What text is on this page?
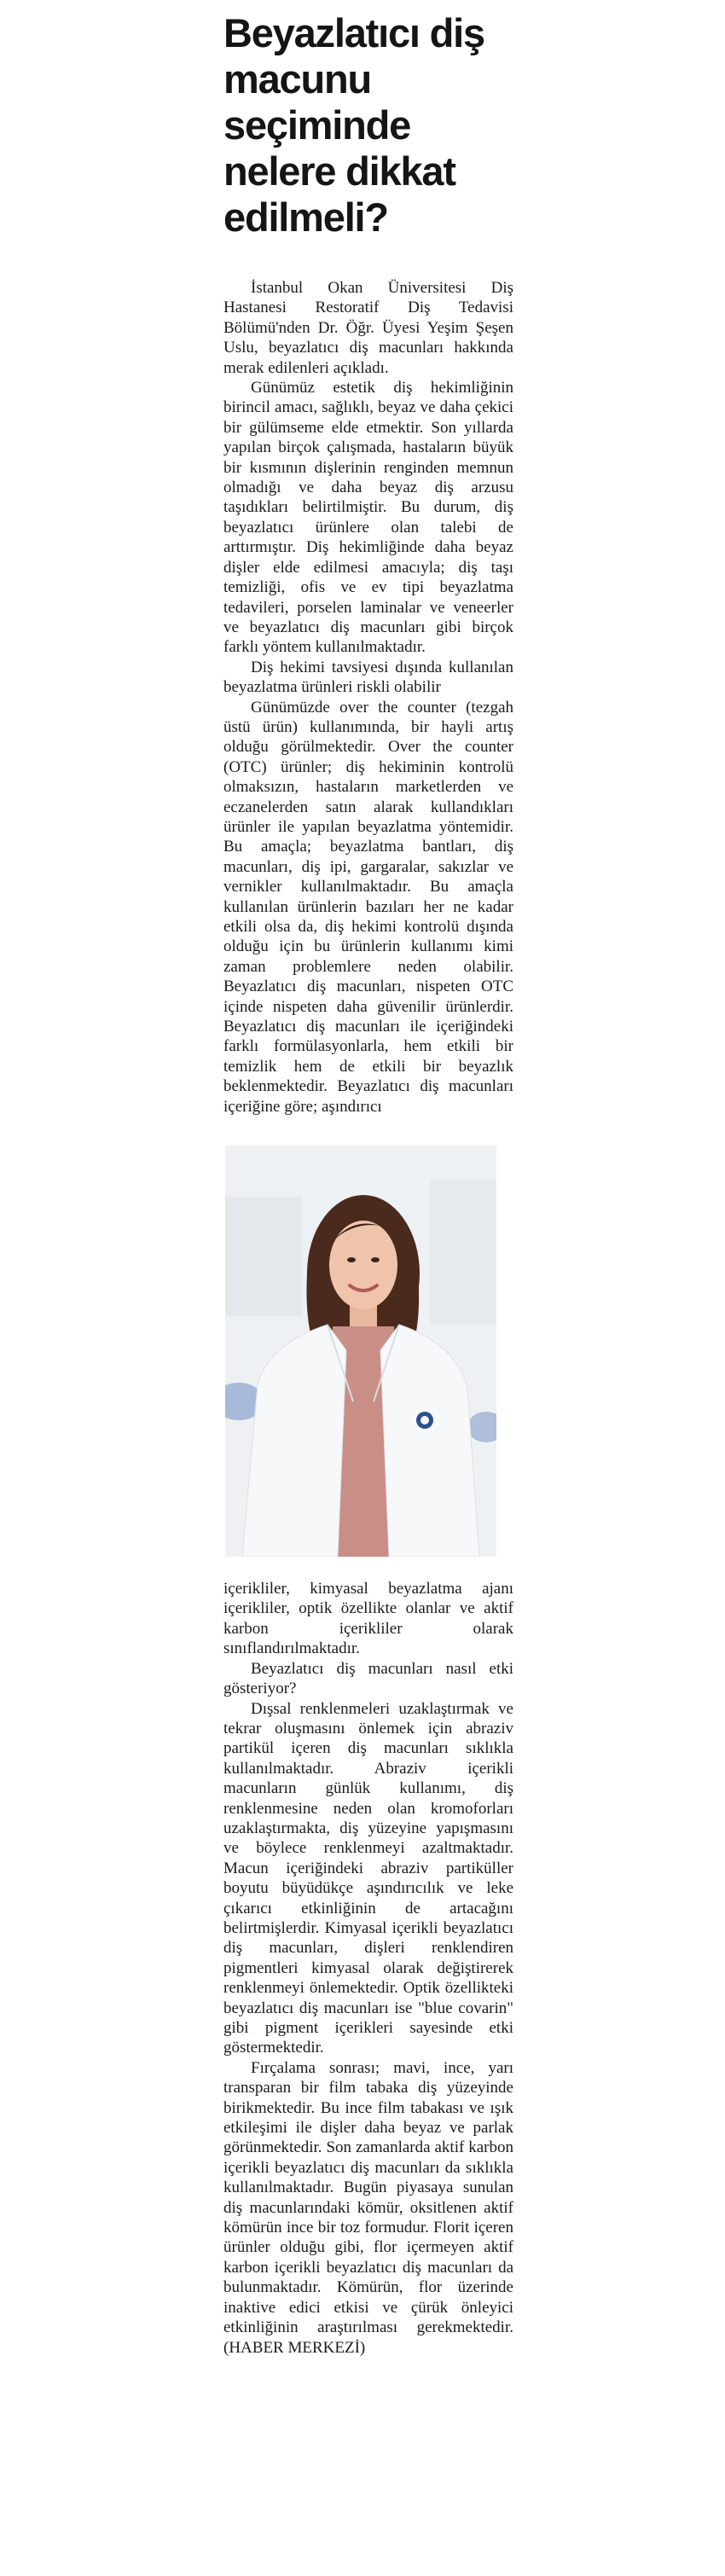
Beyazlatıcı diş macunu seçiminde nelere dikkat edilmeli?

İstanbul Okan Üniversitesi Diş Hastanesi Restoratif Diş Tedavisi Bölümü'nden Dr. Öğr. Üyesi Yeşim Şeşen Uslu, beyazlatıcı diş macunları hakkında merak edilenleri açıkladı.

Günümüz estetik diş hekimliğinin birincil amacı, sağlıklı, beyaz ve daha çekici bir gülümseme elde etmektir. Son yıllarda yapılan birçok çalışmada, hastaların büyük bir kısmının dişlerinin renginden memnun olmadığı ve daha beyaz diş arzusu taşıdıkları belirtilmiştir. Bu durum, diş beyazlatıcı ürünlere olan talebi de arttırmıştır. Diş hekimliğinde daha beyaz dişler elde edilmesi amacıyla; diş taşı temizliği, ofis ve ev tipi beyazlatma tedavileri, porselen laminalar ve veneerler ve beyazlatıcı diş macunları gibi birçok farklı yöntem kullanılmaktadır.

Diş hekimi tavsiyesi dışında kullanılan beyazlatma ürünleri riskli olabilir

Günümüzde over the counter (tezgah üstü ürün) kullanımında, bir hayli artış olduğu görülmektedir. Over the counter (OTC) ürünler; diş hekiminin kontrolü olmaksızın, hastaların marketlerden ve eczanelerden satın alarak kullandıkları ürünler ile yapılan beyazlatma yöntemidir. Bu amaçla; beyazlatma bantları, diş macunları, diş ipi, gargaralar, sakızlar ve vernikler kullanılmaktadır. Bu amaçla kullanılan ürünlerin bazıları her ne kadar etkili olsa da, diş hekimi kontrolü dışında olduğu için bu ürünlerin kullanımı kimi zaman problemlere neden olabilir. Beyazlatıcı diş macunları, nispeten OTC içinde nispeten daha güvenilir ürünlerdir. Beyazlatıcı diş macunları ile içeriğindeki farklı formülasyonlarla, hem etkili bir temizlik hem de etkili bir beyazlık beklenmektedir. Beyazlatıcı diş macunları içeriğine göre; aşındırıcı

içerikliler, kimyasal beyazlatma ajanı içerikliler, optik özellikte olanlar ve aktif karbon içerikliler olarak sınıflandırılmaktadır.

Beyazlatıcı diş macunları nasıl etki gösteriyor?

Dışsal renklenmeleri uzaklaştırmak ve tekrar oluşmasını önlemek için abraziv partikül içeren diş macunları sıklıkla kullanılmaktadır. Abraziv içerikli macunların günlük kullanımı, diş renklenmesine neden olan kromoforları uzaklaştırmakta, diş yüzeyine yapışmasını ve böylece renklenmeyi azaltmaktadır. Macun içeriğindeki abraziv partiküller boyutu büyüdükçe aşındırıcılık ve leke çıkarıcı etkinliğinin de artacağını belirtmişlerdir. Kimyasal içerikli beyazlatıcı diş macunları, dişleri renklendiren pigmentleri kimyasal olarak değiştirerek renklenmeyi önlemektedir. Optik özellikteki beyazlatıcı diş macunları ise "blue covarin" gibi pigment içerikleri sayesinde etki göstermektedir.

Fırçalama sonrası; mavi, ince, yarı transparan bir film tabaka diş yüzeyinde birikmektedir. Bu ince film tabakası ve ışık etkileşimi ile dişler daha beyaz ve parlak görünmektedir. Son zamanlarda aktif karbon içerikli beyazlatıcı diş macunları da sıklıkla kullanılmaktadır. Bugün piyasaya sunulan diş macunlarındaki kömür, oksitlenen aktif kömürün ince bir toz formudur. Florit içeren ürünler olduğu gibi, flor içermeyen aktif karbon içerikli beyazlatıcı diş macunları da bulunmaktadır. Kömürün, flor üzerinde inaktive edici etkisi ve çürük önleyici etkinliğinin araştırılması gerekmektedir. (HABER MERKEZİ)
